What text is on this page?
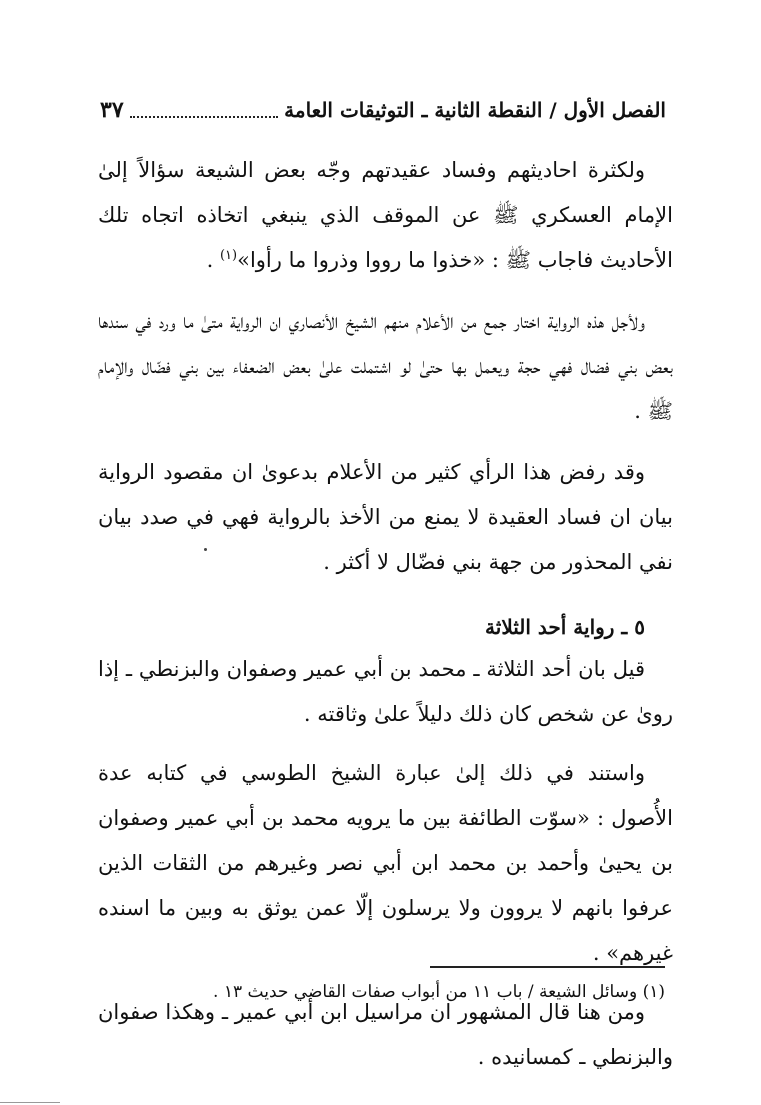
الفصل الأول / النقطة الثانية ـ التوثيقات العامة
٣٧

ولكثرة احاديثهم وفساد عقيدتهم وجّه بعض الشيعة سؤالاً إلىٰ الإمام العسكري ﷺ عن الموقف الذي ينبغي اتخاذه اتجاه تلك الأحاديث فاجاب ﷺ : «خذوا ما رووا وذروا ما رأوا»$^{(١)}$ .

ولأجل هذه الرواية اختار جمع من الأعلام منهم الشيخ الأنصاري ان الرواية متىٰ ما ورد في سندها بعض بني فضال فهي حجة ويعمل بها حتىٰ لو اشتملت علىٰ بعض الضعفاء بين بني فضّال والإمام ﷺ .

وقد رفض هذا الرأي كثير من الأعلام بدعوىٰ ان مقصود الرواية بيان ان فساد العقيدة لا يمنع من الأخذ بالرواية فهي في صدد بيان نفي المحذور من جهة بني فضّال لا أكثر .

٥ ـ رواية أحد الثلاثة

قيل بان أحد الثلاثة ـ محمد بن أبي عمير وصفوان والبزنطي ـ إذا روىٰ عن شخص كان ذلك دليلاً علىٰ وثاقته .

واستند في ذلك إلىٰ عبارة الشيخ الطوسي في كتابه عدة الأُصول : «سوّت الطائفة بين ما يرويه محمد بن أبي عمير وصفوان بن يحيىٰ وأحمد بن محمد ابن أبي نصر وغيرهم من الثقات الذين عرفوا بانهم لا يروون ولا يرسلون إلّا عمن يوثق به وبين ما اسنده غيرهم» .

ومن هنا قال المشهور ان مراسيل ابن أبي عمير ـ وهكذا صفوان والبزنطي ـ كمسانيده .

(١) وسائل الشيعة / باب ١١ من أبواب صفات القاضي حديث ١٣ .
